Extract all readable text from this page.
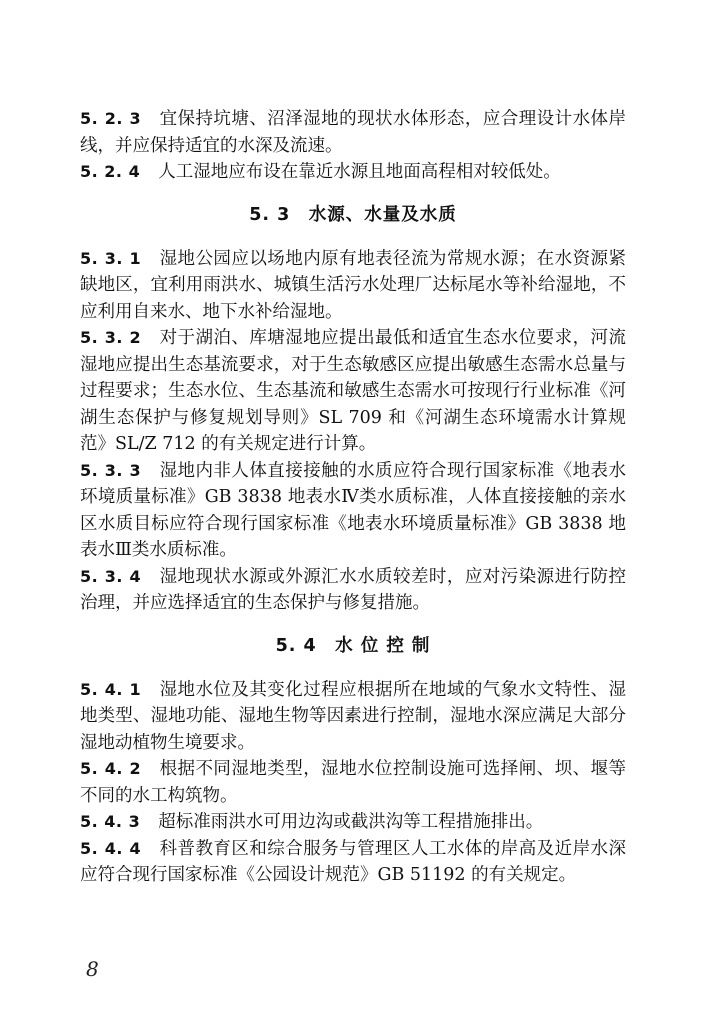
5. 2. 3 宜保持坑塘、沼泽湿地的现状水体形态，应合理设计水体岸线，并应保持适宜的水深及流速。

5. 2. 4 人工湿地应布设在靠近水源且地面高程相对较低处。

5. 3　水源、水量及水质

5. 3. 1 湿地公园应以场地内原有地表径流为常规水源；在水资源紧缺地区，宜利用雨洪水、城镇生活污水处理厂达标尾水等补给湿地，不应利用自来水、地下水补给湿地。

5. 3. 2 对于湖泊、库塘湿地应提出最低和适宜生态水位要求，河流湿地应提出生态基流要求，对于生态敏感区应提出敏感生态需水总量与过程要求；生态水位、生态基流和敏感生态需水可按现行行业标准《河湖生态保护与修复规划导则》SL 709 和《河湖生态环境需水计算规范》SL/Z 712 的有关规定进行计算。

5. 3. 3 湿地内非人体直接接触的水质应符合现行国家标准《地表水环境质量标准》GB 3838 地表水Ⅳ类水质标准，人体直接接触的亲水区水质目标应符合现行国家标准《地表水环境质量标准》GB 3838 地表水Ⅲ类水质标准。

5. 3. 4 湿地现状水源或外源汇水水质较差时，应对污染源进行防控治理，并应选择适宜的生态保护与修复措施。

5. 4　水 位 控 制

5. 4. 1 湿地水位及其变化过程应根据所在地域的气象水文特性、湿地类型、湿地功能、湿地生物等因素进行控制，湿地水深应满足大部分湿地动植物生境要求。

5. 4. 2 根据不同湿地类型，湿地水位控制设施可选择闸、坝、堰等不同的水工构筑物。

5. 4. 3 超标准雨洪水可用边沟或截洪沟等工程措施排出。

5. 4. 4 科普教育区和综合服务与管理区人工水体的岸高及近岸水深应符合现行国家标准《公园设计规范》GB 51192 的有关规定。

8
